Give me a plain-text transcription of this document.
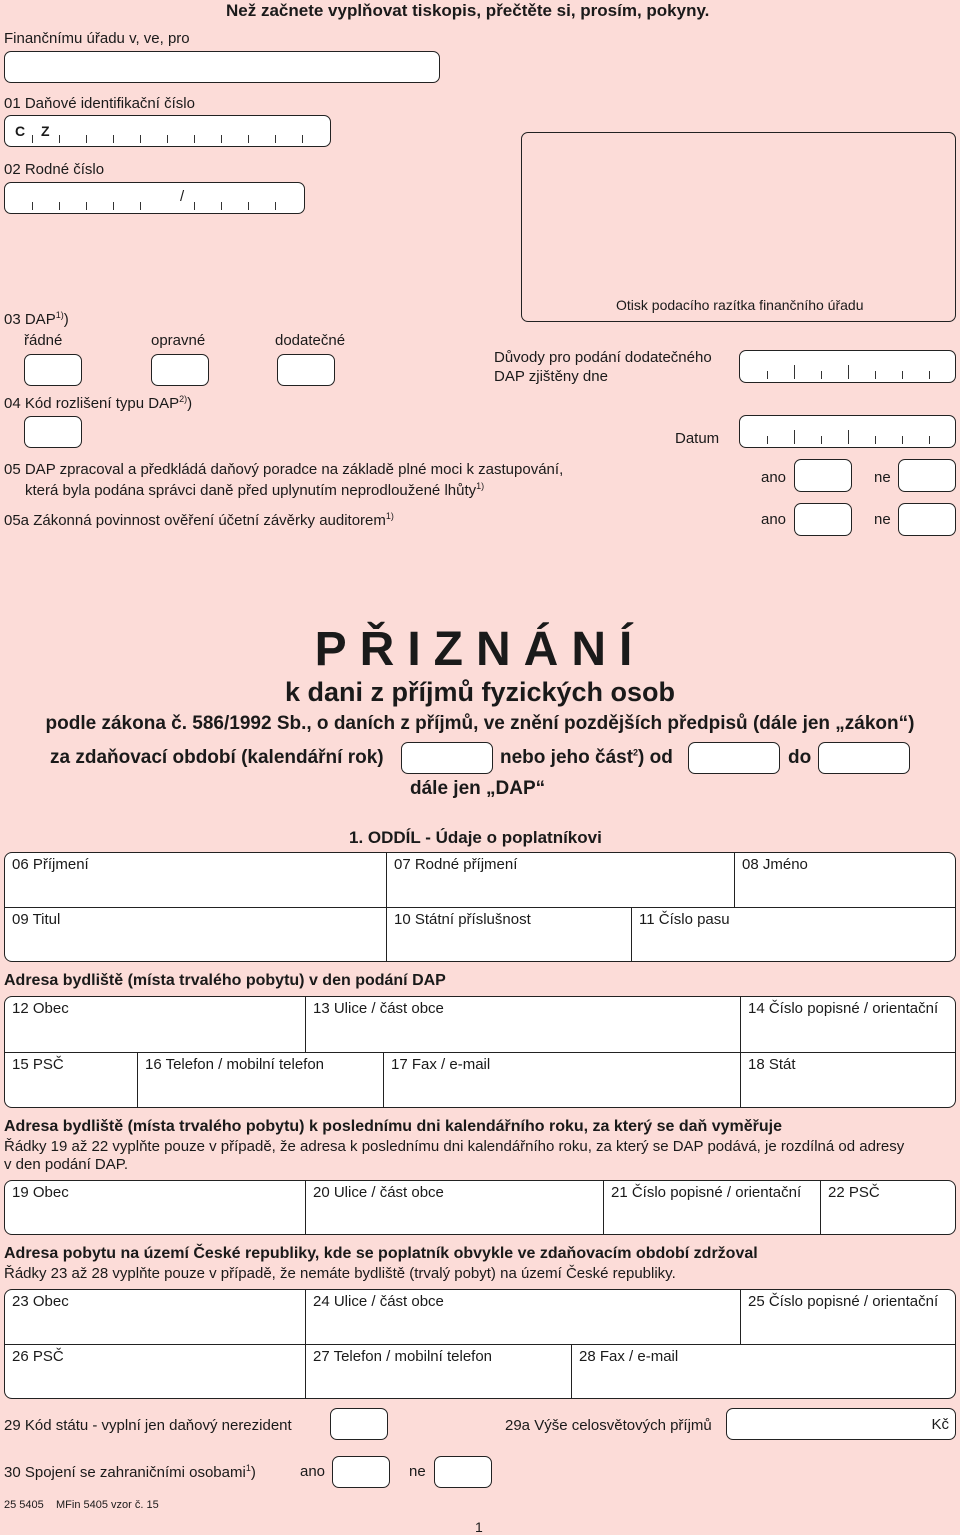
Než začnete vyplňovat tiskopis, přečtěte si, prosím, pokyny.
Finančnímu úřadu v, ve, pro
01 Daňové identifikační číslo
C Z
02 Rodné číslo
/
Otisk podacího razítka finančního úřadu
03 DAP$^{1)}$)
řádné	opravné	dodatečné
Důvody pro podání dodatečného
DAP zjištěny dne
04 Kód rozlišení typu DAP$^{2)}$)
Datum
05 DAP zpracoval a předkládá daňový poradce na základě plné moci k zastupování,
která byla podána správci daně před uplynutím neprodloužené lhůty$^{1)}$	ano	ne
05a Zákonná povinnost ověření účetní závěrky auditorem$^{1)}$	ano	ne
PŘIZNÁNÍ
k dani z příjmů fyzických osob
podle zákona č. 586/1992 Sb., o daních z příjmů, ve znění pozdějších předpisů (dále jen „zákon“)
za zdaňovací období (kalendářní rok)	nebo jeho část$^2$) od	do
dále jen „DAP“
1. ODDÍL - Údaje o poplatníkovi
06 Příjmení	07 Rodné příjmení	08 Jméno
09 Titul	10 Státní příslušnost	11 Číslo pasu
Adresa bydliště (místa trvalého pobytu) v den podání DAP
12 Obec	13 Ulice / část obce	14 Číslo popisné / orientační
15 PSČ	16 Telefon / mobilní telefon	17 Fax / e-mail	18 Stát
Adresa bydliště (místa trvalého pobytu) k poslednímu dni kalendářního roku, za který se daň vyměřuje
Řádky 19 až 22 vyplňte pouze v případě, že adresa k poslednímu dni kalendářního roku, za který se DAP podává, je rozdílná od adresy
v den podání DAP.
19 Obec	20 Ulice / část obce	21 Číslo popisné / orientační 22 PSČ
Adresa pobytu na území České republiky, kde se poplatník obvykle ve zdaňovacím období zdržoval
Řádky 23 až 28 vyplňte pouze v případě, že nemáte bydliště (trvalý pobyt) na území České republiky.
23 Obec	24 Ulice / část obce	25 Číslo popisné / orientační
26 PSČ	27 Telefon / mobilní telefon	28 Fax / e-mail
29 Kód státu - vyplní jen daňový nerezident	29a Výše celosvětových příjmů	Kč
30 Spojení se zahraničními osobami$^1$)	ano	ne
25 5405    MFin 5405 vzor č. 15
1
